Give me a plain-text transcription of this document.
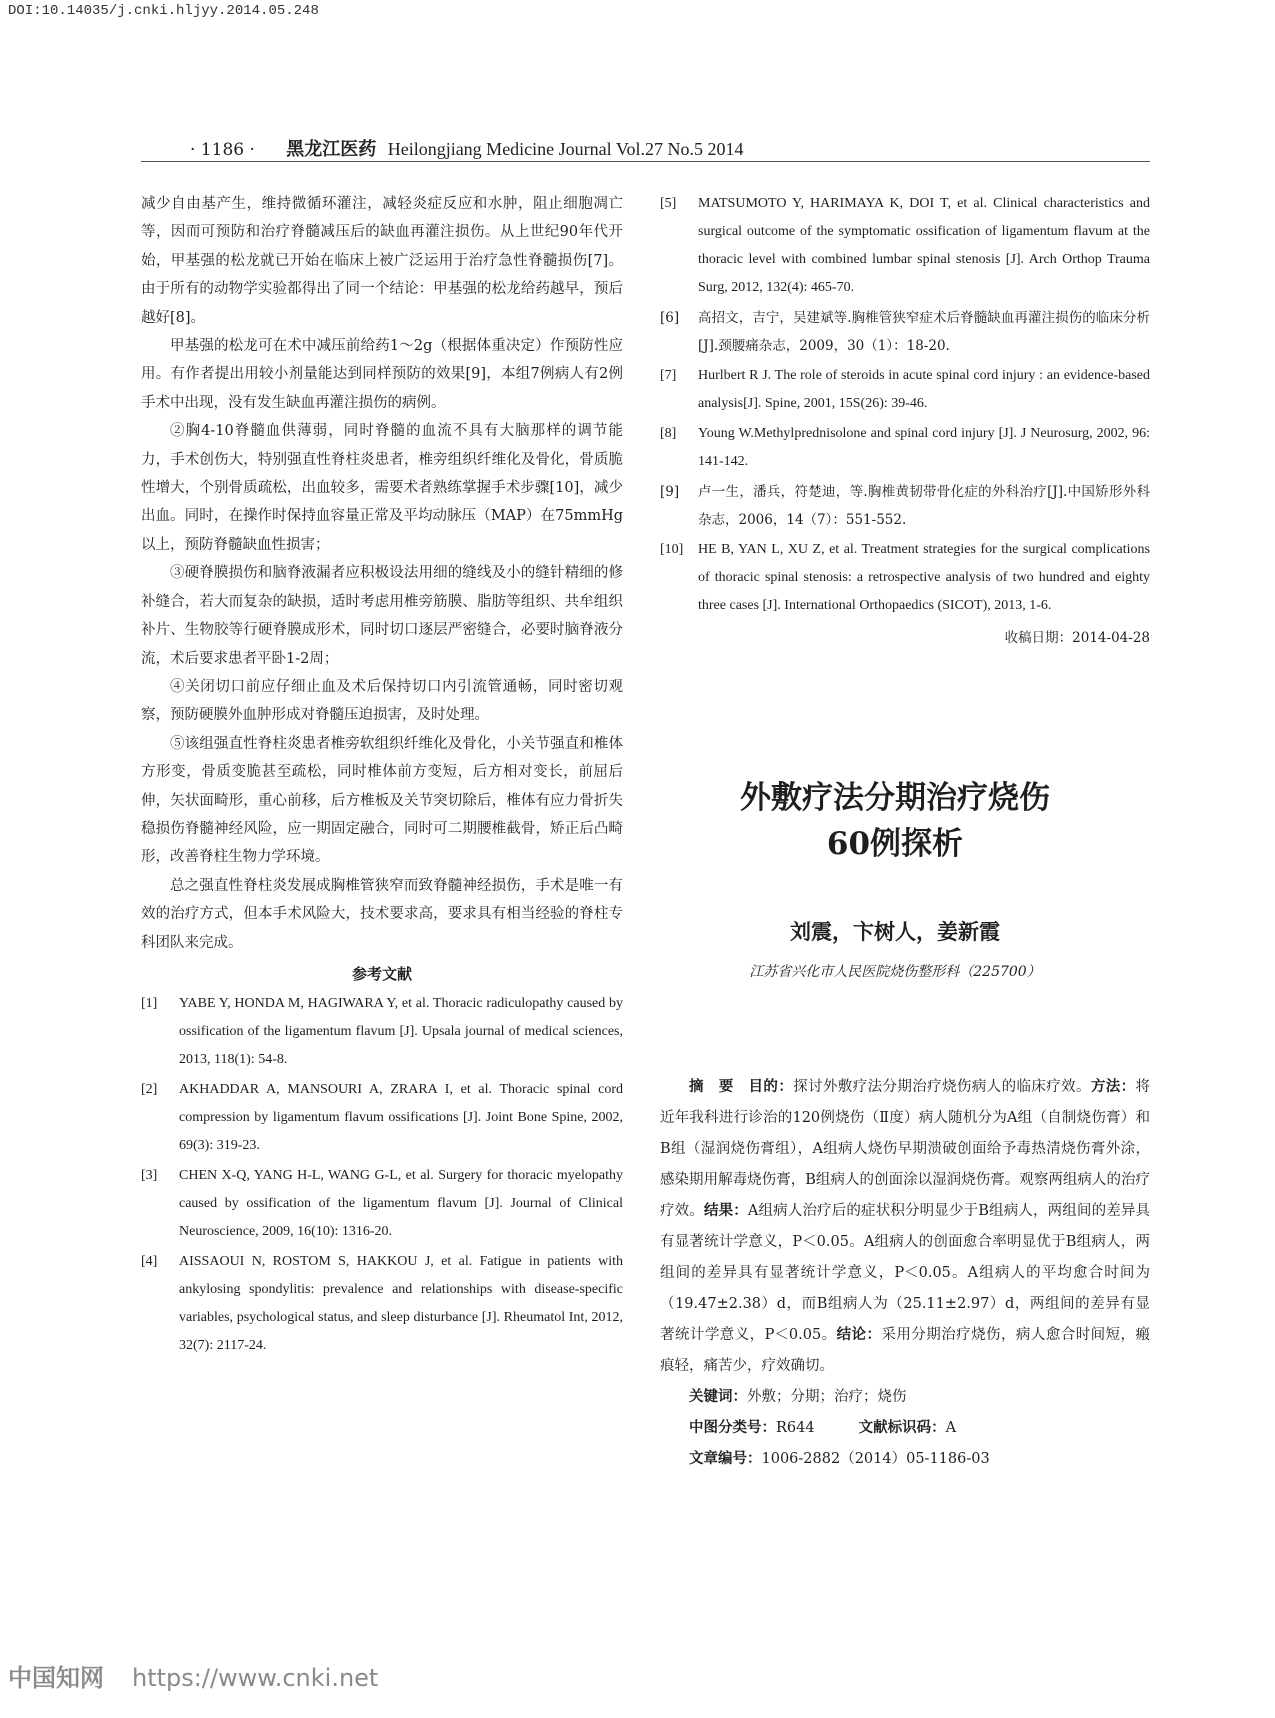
DOI:10.14035/j.cnki.hljyy.2014.05.248
· 1186 · 黑龙江医药 Heilongjiang Medicine Journal Vol.27 No.5 2014

减少自由基产生，维持微循环灌注，减轻炎症反应和水肿，阻止细胞凋亡等，因而可预防和治疗脊髓减压后的缺血再灌注损伤。从上世纪90年代开始，甲基强的松龙就已开始在临床上被广泛运用于治疗急性脊髓损伤[7]。由于所有的动物学实验都得出了同一个结论：甲基强的松龙给药越早，预后越好[8]。

甲基强的松龙可在术中减压前给药1～2g（根据体重决定）作预防性应用。有作者提出用较小剂量能达到同样预防的效果[9]，本组7例病人有2例手术中出现，没有发生缺血再灌注损伤的病例。

②胸4-10脊髓血供薄弱，同时脊髓的血流不具有大脑那样的调节能力，手术创伤大，特别强直性脊柱炎患者，椎旁组织纤维化及骨化，骨质脆性增大，个别骨质疏松，出血较多，需要术者熟练掌握手术步骤[10]，减少出血。同时，在操作时保持血容量正常及平均动脉压（MAP）在75mmHg以上，预防脊髓缺血性损害；

③硬脊膜损伤和脑脊液漏者应积极设法用细的缝线及小的缝针精细的修补缝合，若大而复杂的缺损，适时考虑用椎旁筋膜、脂肪等组织、共牟组织补片、生物胶等行硬脊膜成形术，同时切口逐层严密缝合，必要时脑脊液分流，术后要求患者平卧1-2周；

④关闭切口前应仔细止血及术后保持切口内引流管通畅，同时密切观察，预防硬膜外血肿形成对脊髓压迫损害，及时处理。

⑤该组强直性脊柱炎患者椎旁软组织纤维化及骨化，小关节强直和椎体方形变，骨质变脆甚至疏松，同时椎体前方变短，后方相对变长，前屈后伸，矢状面畸形，重心前移，后方椎板及关节突切除后，椎体有应力骨折失稳损伤脊髓神经风险，应一期固定融合，同时可二期腰椎截骨，矫正后凸畸形，改善脊柱生物力学环境。

总之强直性脊柱炎发展成胸椎管狭窄而致脊髓神经损伤，手术是唯一有效的治疗方式，但本手术风险大，技术要求高，要求具有相当经验的脊柱专科团队来完成。

参考文献
[1] YABE Y, HONDA M, HAGIWARA Y, et al. Thoracic radiculopathy caused by ossification of the ligamentum flavum [J]. Upsala journal of medical sciences, 2013, 118(1): 54-8.
[2] AKHADDAR A, MANSOURI A, ZRARA I, et al. Thoracic spinal cord compression by ligamentum flavum ossifications [J]. Joint Bone Spine, 2002, 69(3): 319-23.
[3] CHEN X-Q, YANG H-L, WANG G-L, et al. Surgery for thoracic myelopathy caused by ossification of the ligamentum flavum [J]. Journal of Clinical Neuroscience, 2009, 16(10): 1316-20.
[4] AISSAOUI N, ROSTOM S, HAKKOU J, et al. Fatigue in patients with ankylosing spondylitis: prevalence and relationships with disease-specific variables, psychological status, and sleep disturbance [J]. Rheumatol Int, 2012, 32(7): 2117-24.
[5] MATSUMOTO Y, HARIMAYA K, DOI T, et al. Clinical characteristics and surgical outcome of the symptomatic ossification of ligamentum flavum at the thoracic level with combined lumbar spinal stenosis [J]. Arch Orthop Trauma Surg, 2012, 132(4): 465-70.
[6] 高招文，吉宁，吴建斌等.胸椎管狭窄症术后脊髓缺血再灌注损伤的临床分析[J].颈腰痛杂志，2009，30（1）：18-20.
[7] Hurlbert R J. The role of steroids in acute spinal cord injury : an evidence-based analysis[J]. Spine, 2001, 15S(26): 39-46.
[8] Young W.Methylprednisolone and spinal cord injury [J]. J Neurosurg, 2002, 96: 141-142.
[9] 卢一生，潘兵，符楚迪，等.胸椎黄韧带骨化症的外科治疗[J].中国矫形外科杂志，2006，14（7）：551-552.
[10] HE B, YAN L, XU Z, et al. Treatment strategies for the surgical complications of thoracic spinal stenosis: a retrospective analysis of two hundred and eighty three cases [J]. International Orthopaedics (SICOT), 2013, 1-6.
收稿日期：2014-04-28
外敷疗法分期治疗烧伤
60例探析
刘震，卞树人，姜新霞
江苏省兴化市人民医院烧伤整形科（225700）

摘　要　 目的：探讨外敷疗法分期治疗烧伤病人的临床疗效。方法：将近年我科进行诊治的120例烧伤（Ⅱ度）病人随机分为A组（自制烧伤膏）和B组（湿润烧伤膏组），A组病人烧伤早期溃破创面给予毒热清烧伤膏外涂，感染期用解毒烧伤膏，B组病人的创面涂以湿润烧伤膏。观察两组病人的治疗疗效。结果：A组病人治疗后的症状积分明显少于B组病人，两组间的差异具有显著统计学意义，P＜0.05。A组病人的创面愈合率明显优于B组病人，两组间的差异具有显著统计学意义，P＜0.05。A组病人的平均愈合时间为（19.47±2.38）d，而B组病人为（25.11±2.97）d，两组间的差异有显著统计学意义，P＜0.05。结论：采用分期治疗烧伤，病人愈合时间短，瘢痕轻，痛苦少，疗效确切。

关键词：外敷；分期；治疗；烧伤

中图分类号：R644	文献标识码：A

文章编号：1006-2882（2014）05-1186-03

中国知网 https://www.cnki.net
